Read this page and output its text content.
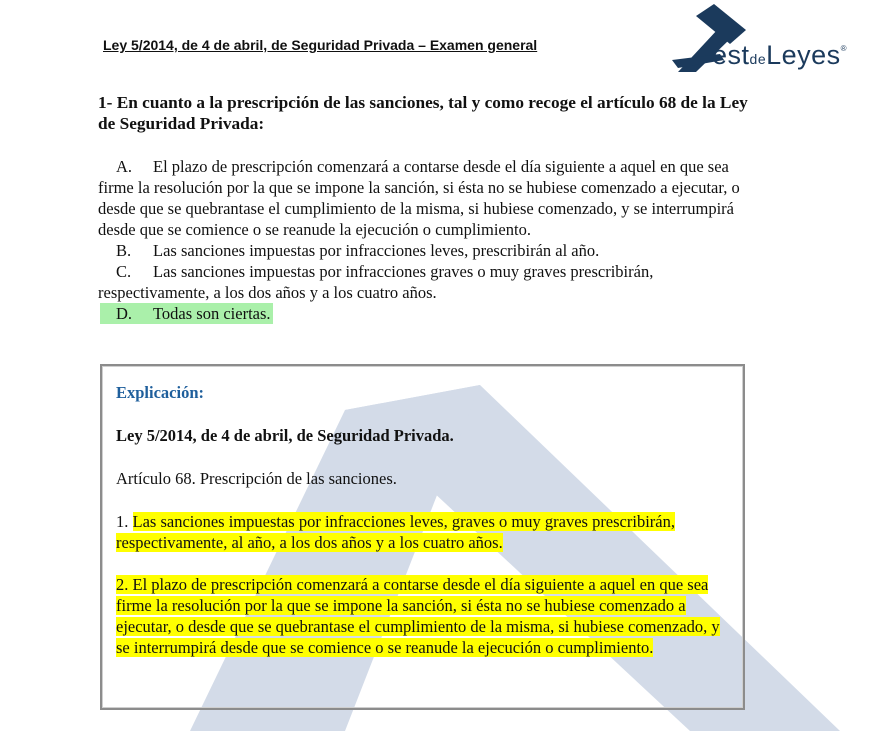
Ley 5/2014, de 4 de abril, de Seguridad Privada – Examen general	estdeLeyes®
1- En cuanto a la prescripción de las sanciones, tal y como recoge el artículo 68 de la Ley de Seguridad Privada:

A. El plazo de prescripción comenzará a contarse desde el día siguiente a aquel en que sea firme la resolución por la que se impone la sanción, si ésta no se hubiese comenzado a ejecutar, o desde que se quebrantase el cumplimiento de la misma, si hubiese comenzado, y se interrumpirá desde que se comience o se reanude la ejecución o cumplimiento.

B. Las sanciones impuestas por infracciones leves, prescribirán al año.

C. Las sanciones impuestas por infracciones graves o muy graves prescribirán, respectivamente, a los dos años y a los cuatro años.

D. Todas son ciertas.

Explicación:

Ley 5/2014, de 4 de abril, de Seguridad Privada.

Artículo 68. Prescripción de las sanciones.

1. Las sanciones impuestas por infracciones leves, graves o muy graves prescribirán, respectivamente, al año, a los dos años y a los cuatro años.

2. El plazo de prescripción comenzará a contarse desde el día siguiente a aquel en que sea firme la resolución por la que se impone la sanción, si ésta no se hubiese comenzado a ejecutar, o desde que se quebrantase el cumplimiento de la misma, si hubiese comenzado, y se interrumpirá desde que se comience o se reanude la ejecución o cumplimiento.
